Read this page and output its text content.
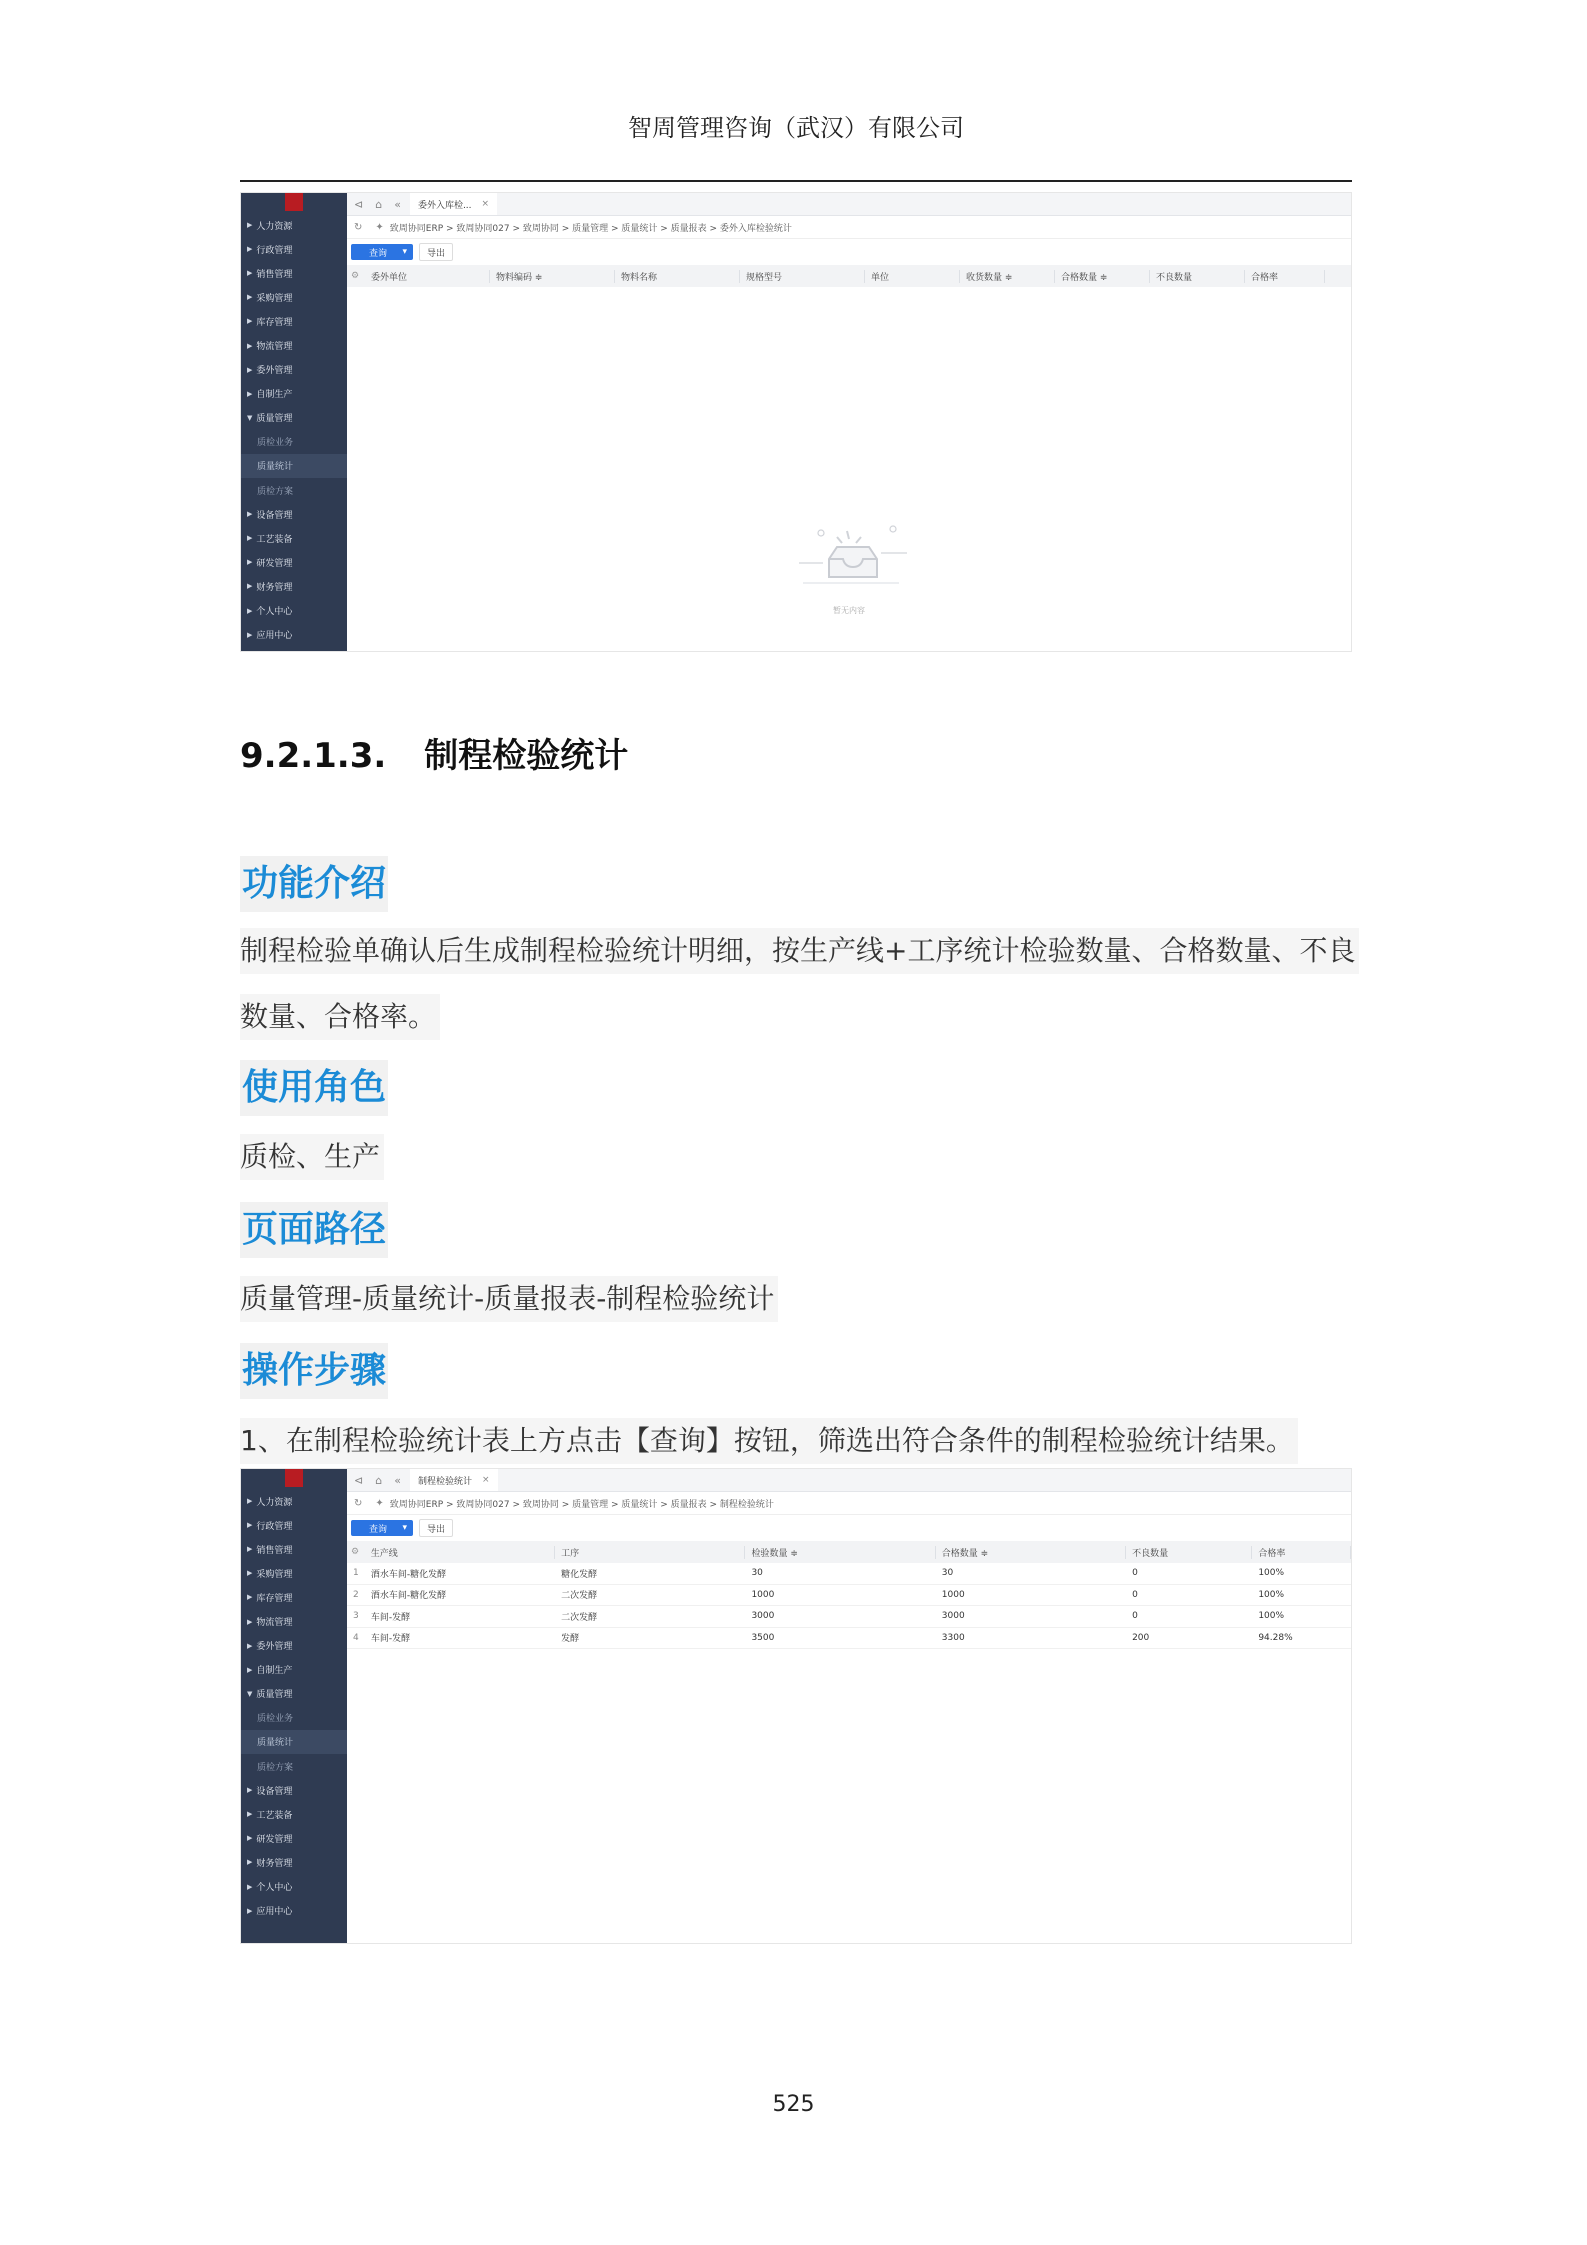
智周管理咨询（武汉）有限公司
▶ 人力资源
▶ 行政管理
▶ 销售管理
▶ 采购管理
▶ 库存管理
▶ 物流管理
▶ 委外管理
▶ 自制生产
▼ 质量管理
质检业务
质量统计
质检方案
▶ 设备管理
▶ 工艺装备
▶ 研发管理
▶ 财务管理
▶ 个人中心
▶ 应用中心
⊲ ⌂ « 委外入库检... ×
↻ ✦ 致周协同ERP > 致周协同027 > 致周协同 > 质量管理 > 质量统计 > 质量报表 > 委外入库检验统计
查询 ▾	导出
⚙	委外单位	物料编码 ≑	物料名称	规格型号	单位	收货数量 ≑	合格数量 ≑	不良数量	合格率
暂无内容
9.2.1.3. 制程检验统计
功能介绍
制程检验单确认后生成制程检验统计明细，按生产线+工序统计检验数量、合格数量、不良
数量、合格率。
使用角色
质检、生产
页面路径
质量管理-质量统计-质量报表-制程检验统计
操作步骤
1、在制程检验统计表上方点击【查询】按钮，筛选出符合条件的制程检验统计结果。
▶ 人力资源
▶ 行政管理
▶ 销售管理
▶ 采购管理
▶ 库存管理
▶ 物流管理
▶ 委外管理
▶ 自制生产
▼ 质量管理
质检业务
质量统计
质检方案
▶ 设备管理
▶ 工艺装备
▶ 研发管理
▶ 财务管理
▶ 个人中心
▶ 应用中心
⊲ ⌂ « 制程检验统计 ×
↻ ✦ 致周协同ERP > 致周协同027 > 致周协同 > 质量管理 > 质量统计 > 质量报表 > 制程检验统计
查询 ▾	导出
⚙	生产线	工序	检验数量 ≑	合格数量 ≑	不良数量	合格率
1	酒水车间-糖化发酵	糖化发酵	30	30	0	100%
2	酒水车间-糖化发酵	二次发酵	1000	1000	0	100%
3	车间-发酵	二次发酵	3000	3000	0	100%
4	车间-发酵	发酵	3500	3300	200	94.28%
525
